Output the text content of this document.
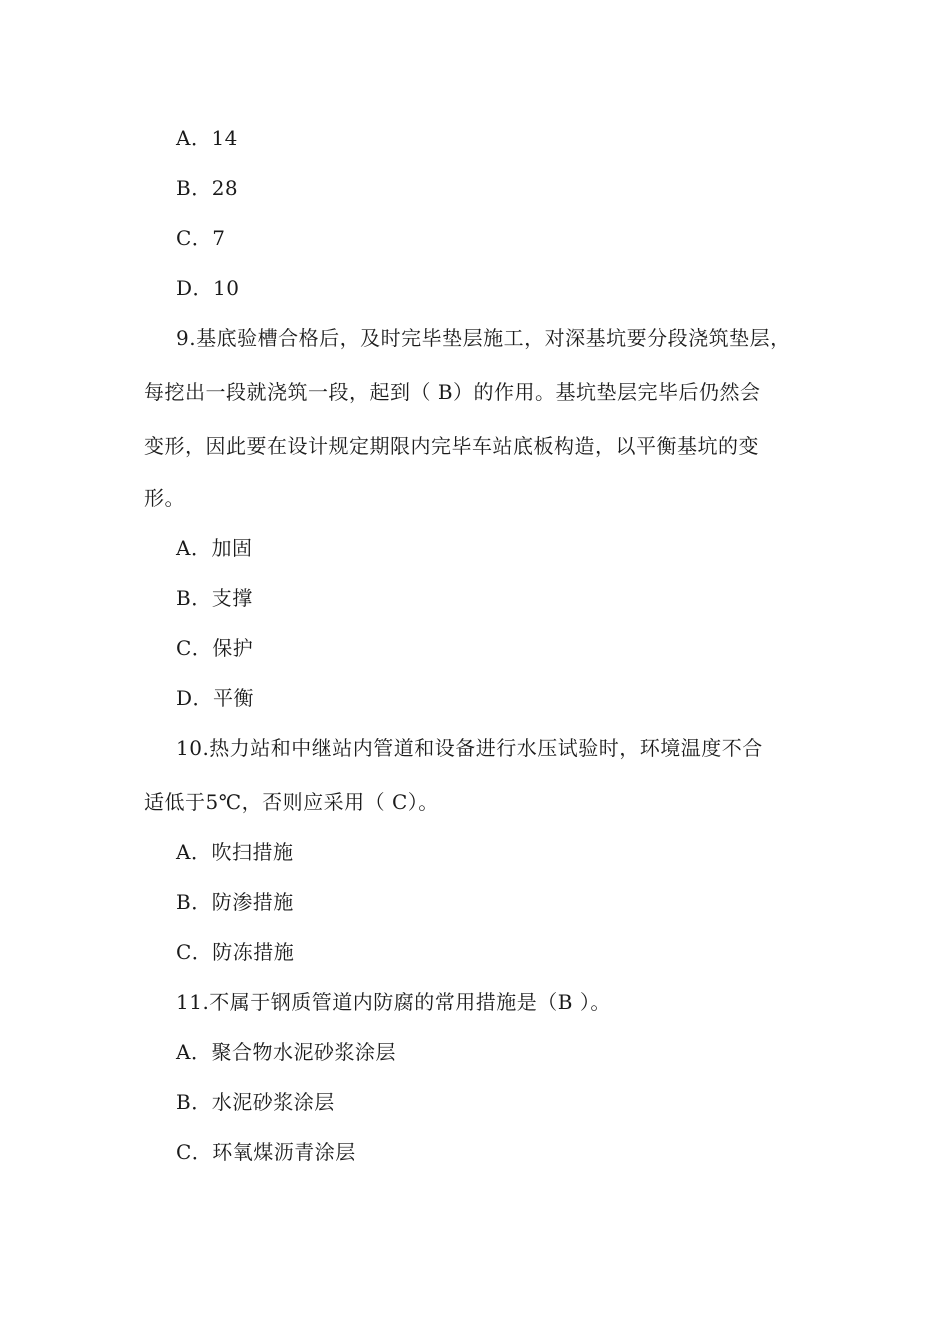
A．14
B．28
C．7
D．10
9.基底验槽合格后，及时完毕垫层施工，对深基坑要分段浇筑垫层，
每挖出一段就浇筑一段，起到（ B）的作用。基坑垫层完毕后仍然会
变形，因此要在设计规定期限内完毕车站底板构造，以平衡基坑的变
形。
A．加固
B．支撑
C．保护
D．平衡
10.热力站和中继站内管道和设备进行水压试验时，环境温度不合
适低于5℃，否则应采用（ C）。
A．吹扫措施
B．防渗措施
C．防冻措施
11.不属于钢质管道内防腐的常用措施是（B ）。
A．聚合物水泥砂浆涂层
B．水泥砂浆涂层
C．环氧煤沥青涂层
